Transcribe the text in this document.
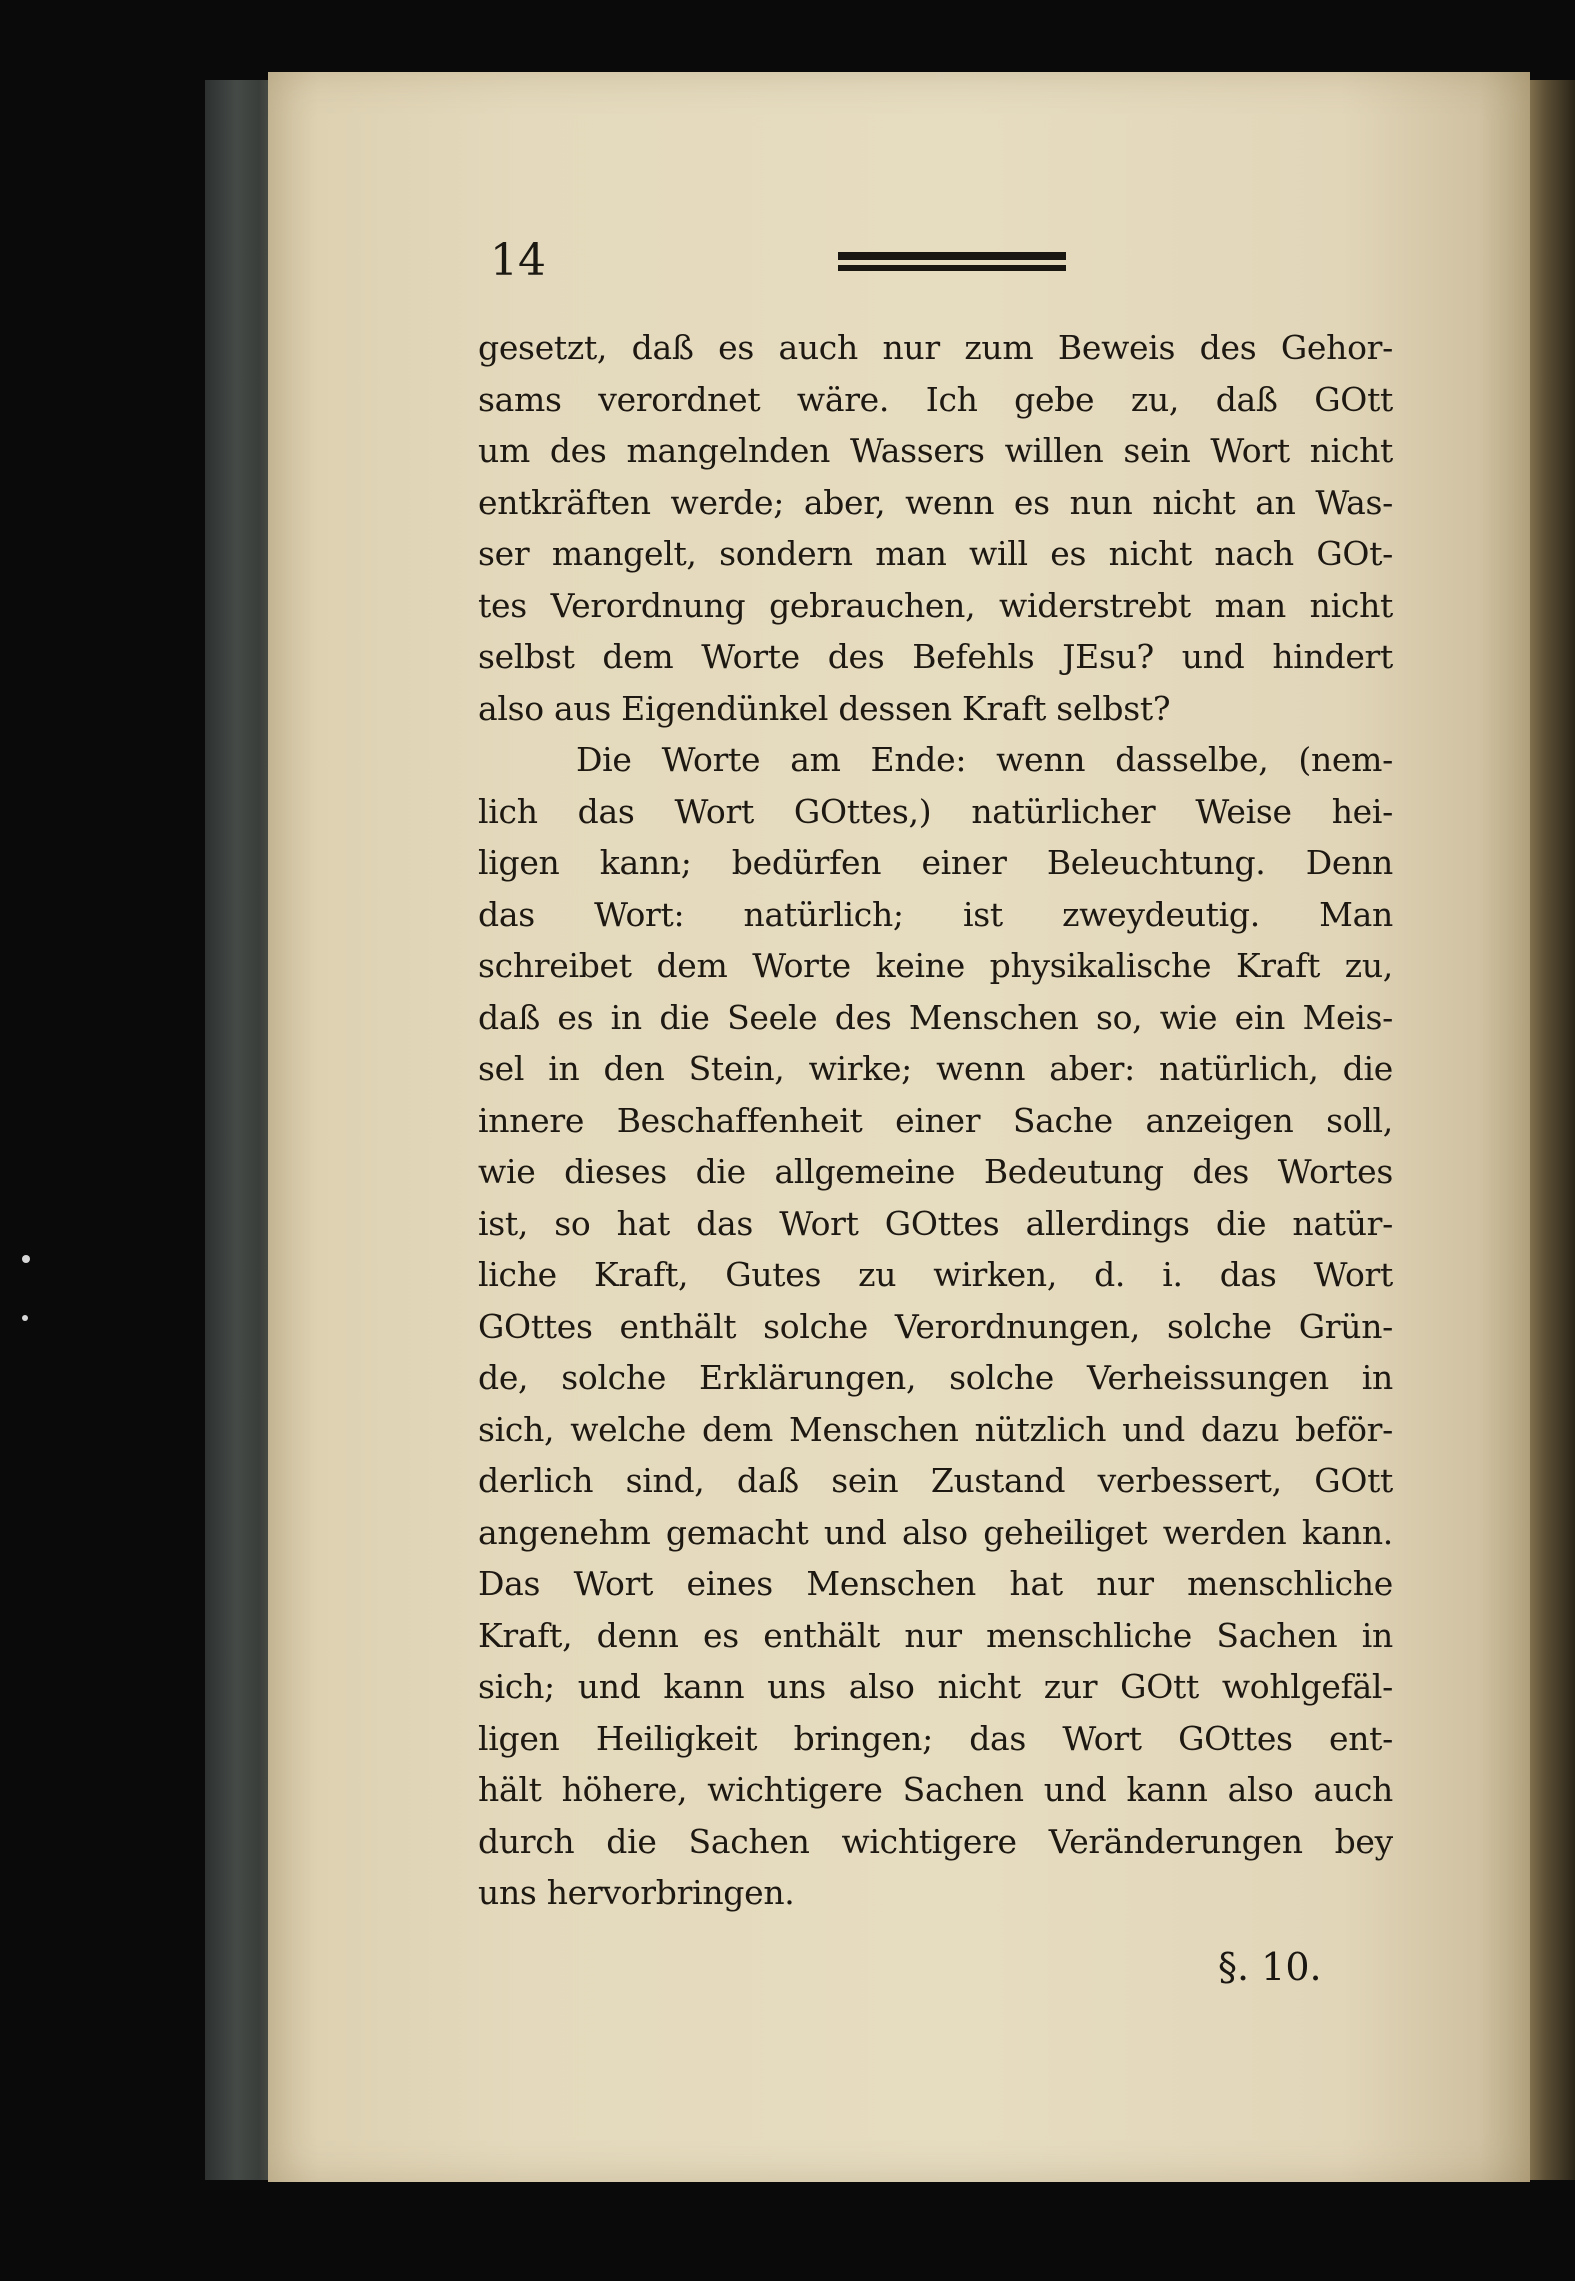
14
gesetzt, daß es auch nur zum Beweis des Gehor-
sams verordnet wäre. Ich gebe zu, daß GOtt
um des mangelnden Wassers willen sein Wort nicht
entkräften werde; aber, wenn es nun nicht an Was-
ser mangelt, sondern man will es nicht nach GOt-
tes Verordnung gebrauchen, widerstrebt man nicht
selbst dem Worte des Befehls JEsu? und hindert
also aus Eigendünkel dessen Kraft selbst?
Die Worte am Ende: wenn dasselbe, (nem-
lich das Wort GOttes,) natürlicher Weise hei-
ligen kann; bedürfen einer Beleuchtung. Denn
das Wort: natürlich; ist zweydeutig. Man
schreibet dem Worte keine physikalische Kraft zu,
daß es in die Seele des Menschen so, wie ein Meis-
sel in den Stein, wirke; wenn aber: natürlich, die
innere Beschaffenheit einer Sache anzeigen soll,
wie dieses die allgemeine Bedeutung des Wortes
ist, so hat das Wort GOttes allerdings die natür-
liche Kraft, Gutes zu wirken, d. i. das Wort
GOttes enthält solche Verordnungen, solche Grün-
de, solche Erklärungen, solche Verheissungen in
sich, welche dem Menschen nützlich und dazu beför-
derlich sind, daß sein Zustand verbessert, GOtt
angenehm gemacht und also geheiliget werden kann.
Das Wort eines Menschen hat nur menschliche
Kraft, denn es enthält nur menschliche Sachen in
sich; und kann uns also nicht zur GOtt wohlgefäl-
ligen Heiligkeit bringen; das Wort GOttes ent-
hält höhere, wichtigere Sachen und kann also auch
durch die Sachen wichtigere Veränderungen bey
uns hervorbringen.
§. 10.
